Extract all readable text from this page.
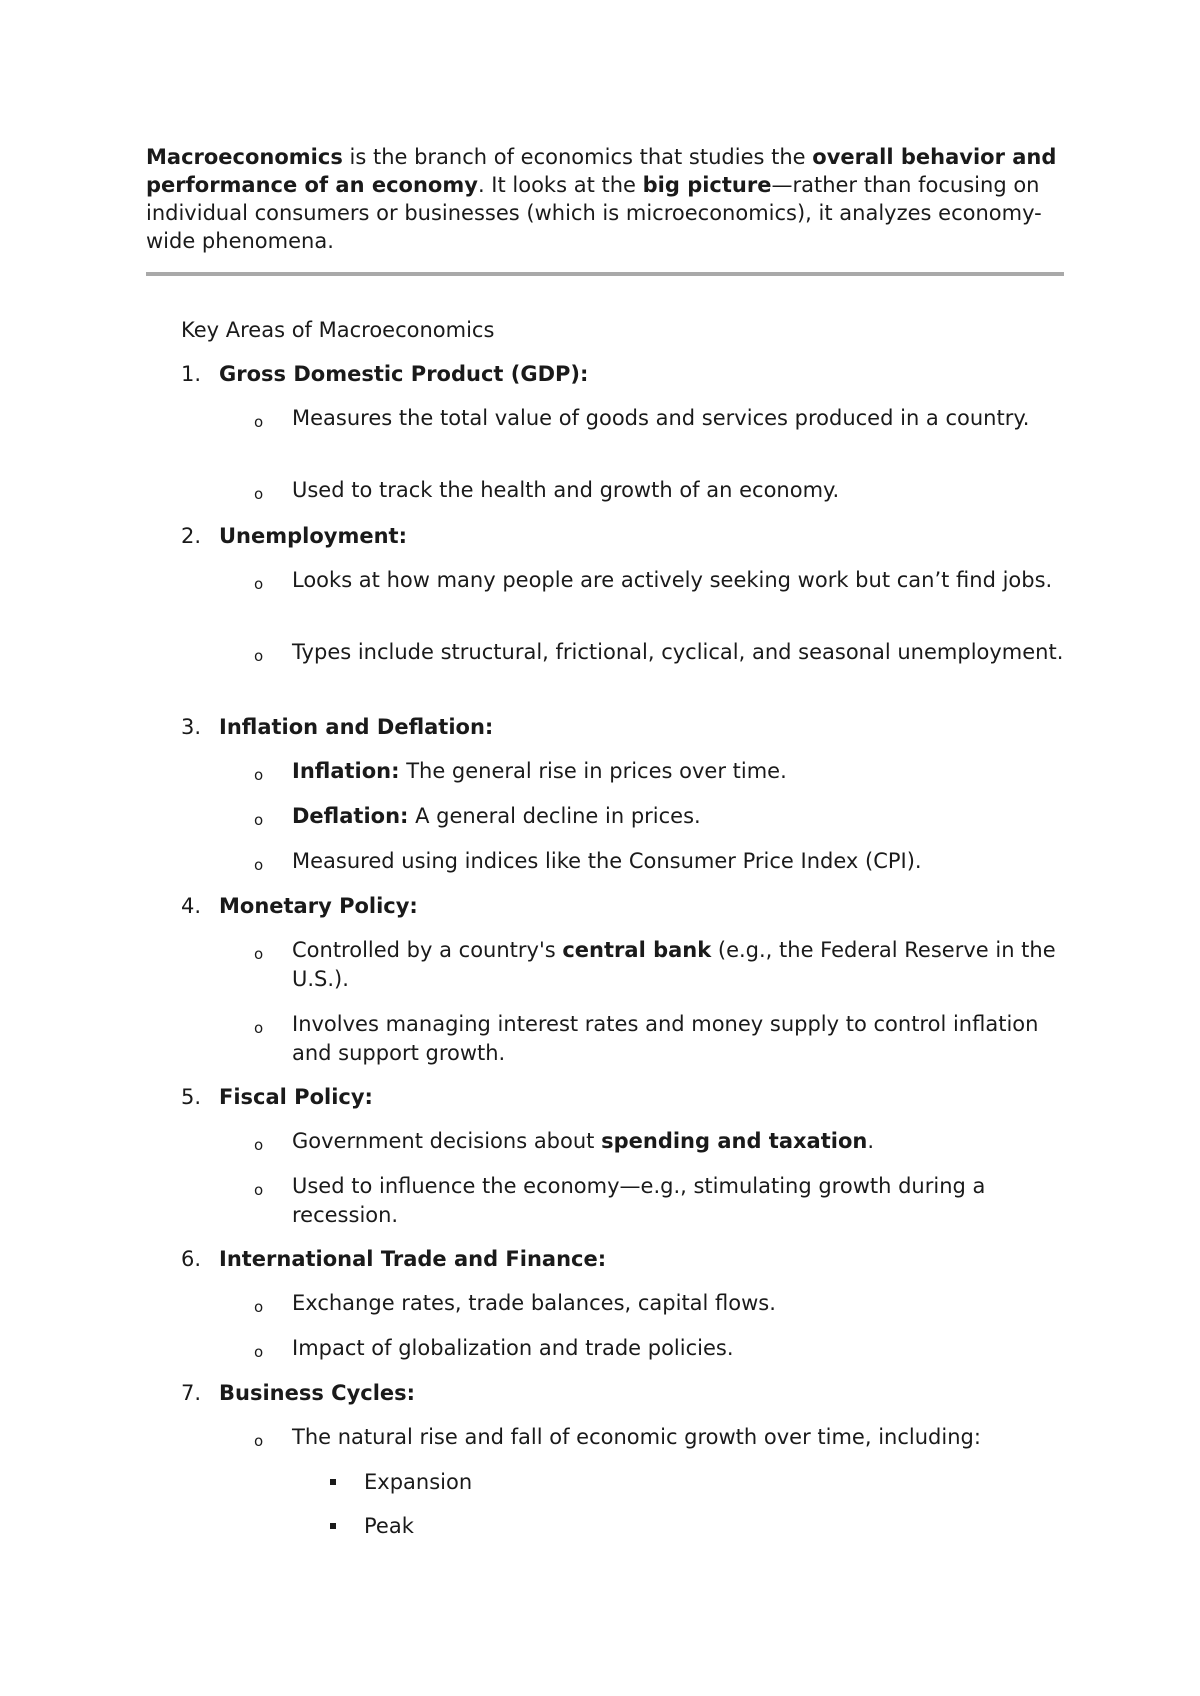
Macroeconomics is the branch of economics that studies the overall behavior and performance of an economy. It looks at the big picture—rather than focusing on individual consumers or businesses (which is microeconomics), it analyzes economy-wide phenomena.

Key Areas of Macroeconomics
1. Gross Domestic Product (GDP):
o Measures the total value of goods and services produced in a country.
o Used to track the health and growth of an economy.
2. Unemployment:
o Looks at how many people are actively seeking work but can’t find jobs.
o Types include structural, frictional, cyclical, and seasonal unemployment.
3. Inflation and Deflation:
o Inflation: The general rise in prices over time.
o Deflation: A general decline in prices.
o Measured using indices like the Consumer Price Index (CPI).
4. Monetary Policy:
o Controlled by a country's central bank (e.g., the Federal Reserve in the U.S.).
o Involves managing interest rates and money supply to control inflation and support growth.
5. Fiscal Policy:
o Government decisions about spending and taxation.
o Used to influence the economy—e.g., stimulating growth during a recession.
6. International Trade and Finance:
o Exchange rates, trade balances, capital flows.
o Impact of globalization and trade policies.
7. Business Cycles:
o The natural rise and fall of economic growth over time, including:
Expansion
Peak
